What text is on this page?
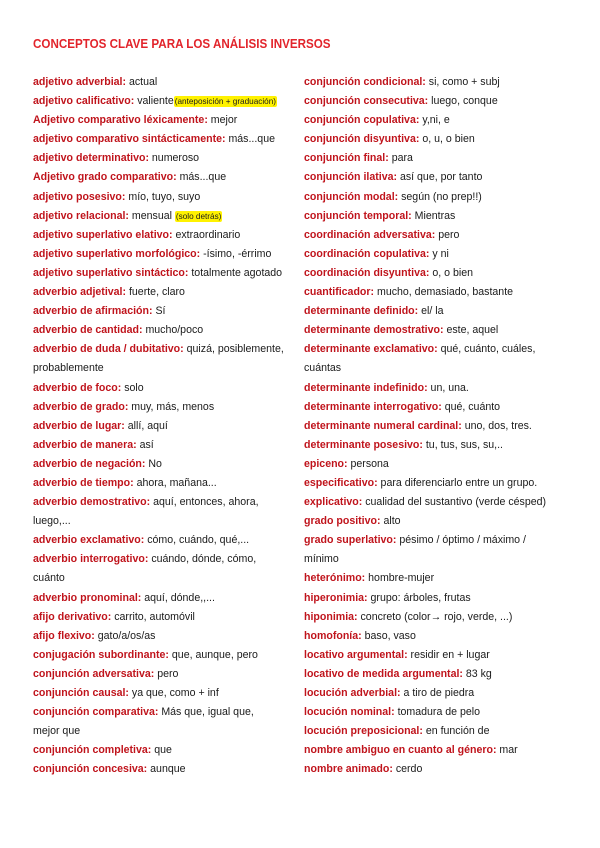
CONCEPTOS CLAVE PARA LOS ANÁLISIS INVERSOS
adjetivo adverbial: actual
adjetivo calificativo: valiente(anteposición + graduación)
Adjetivo comparativo léxicamente: mejor
adjetivo comparativo sintácticamente: más...que
adjetivo determinativo: numeroso
Adjetivo grado comparativo: más...que
adjetivo posesivo: mío, tuyo, suyo
adjetivo relacional: mensual (solo detrás)
adjetivo superlativo elativo: extraordinario
adjetivo superlativo morfológico: -ísimo, -érrimo
adjetivo superlativo sintáctico: totalmente agotado
adverbio adjetival: fuerte, claro
adverbio de afirmación: Sí
adverbio de cantidad: mucho/poco
adverbio de duda / dubitativo: quizá, posiblemente,
probablemente
adverbio de foco: solo
adverbio de grado: muy, más, menos
adverbio de lugar: allí, aquí
adverbio de manera: así
adverbio de negación: No
adverbio de tiempo: ahora, mañana...
adverbio demostrativo: aquí, entonces, ahora,
luego,...
adverbio exclamativo: cómo, cuándo, qué,...
adverbio interrogativo: cuándo, dónde, cómo,
cuánto
adverbio pronominal: aquí, dónde,,...
afijo derivativo: carrito, automóvil
afijo flexivo: gato/a/os/as
conjugación subordinante: que, aunque, pero
conjunción adversativa: pero
conjunción causal: ya que, como + inf
conjunción comparativa: Más que, igual que,
mejor que
conjunción completiva: que
conjunción concesiva: aunque
conjunción condicional: si, como + subj
conjunción consecutiva: luego, conque
conjunción copulativa: y,ni, e
conjunción disyuntiva: o, u, o bien
conjunción final: para
conjunción ilativa: así que, por tanto
conjunción modal: según (no prep!!)
conjunción temporal: Mientras
coordinación adversativa: pero
coordinación copulativa: y ni
coordinación disyuntiva: o, o bien
cuantificador: mucho, demasiado, bastante
determinante definido: el/ la
determinante demostrativo: este, aquel
determinante exclamativo: qué, cuánto, cuáles,
cuántas
determinante indefinido: un, una.
determinante interrogativo: qué, cuánto
determinante numeral cardinal: uno, dos, tres.
determinante posesivo: tu, tus, sus, su,..
epiceno: persona
especificativo: para diferenciarlo entre un grupo.
explicativo: cualidad del sustantivo (verde césped)
grado positivo: alto
grado superlativo: pésimo / óptimo / máximo /
mínimo
heterónimo: hombre-mujer
hiperonimia: grupo: árboles, frutas
hiponimia: concreto (color→ rojo, verde, ...)
homofonía: baso, vaso
locativo argumental: residir en + lugar
locativo de medida argumental: 83 kg
locución adverbial: a tiro de piedra
locución nominal: tomadura de pelo
locución preposicional: en función de
nombre ambiguo en cuanto al género: mar
nombre animado: cerdo
